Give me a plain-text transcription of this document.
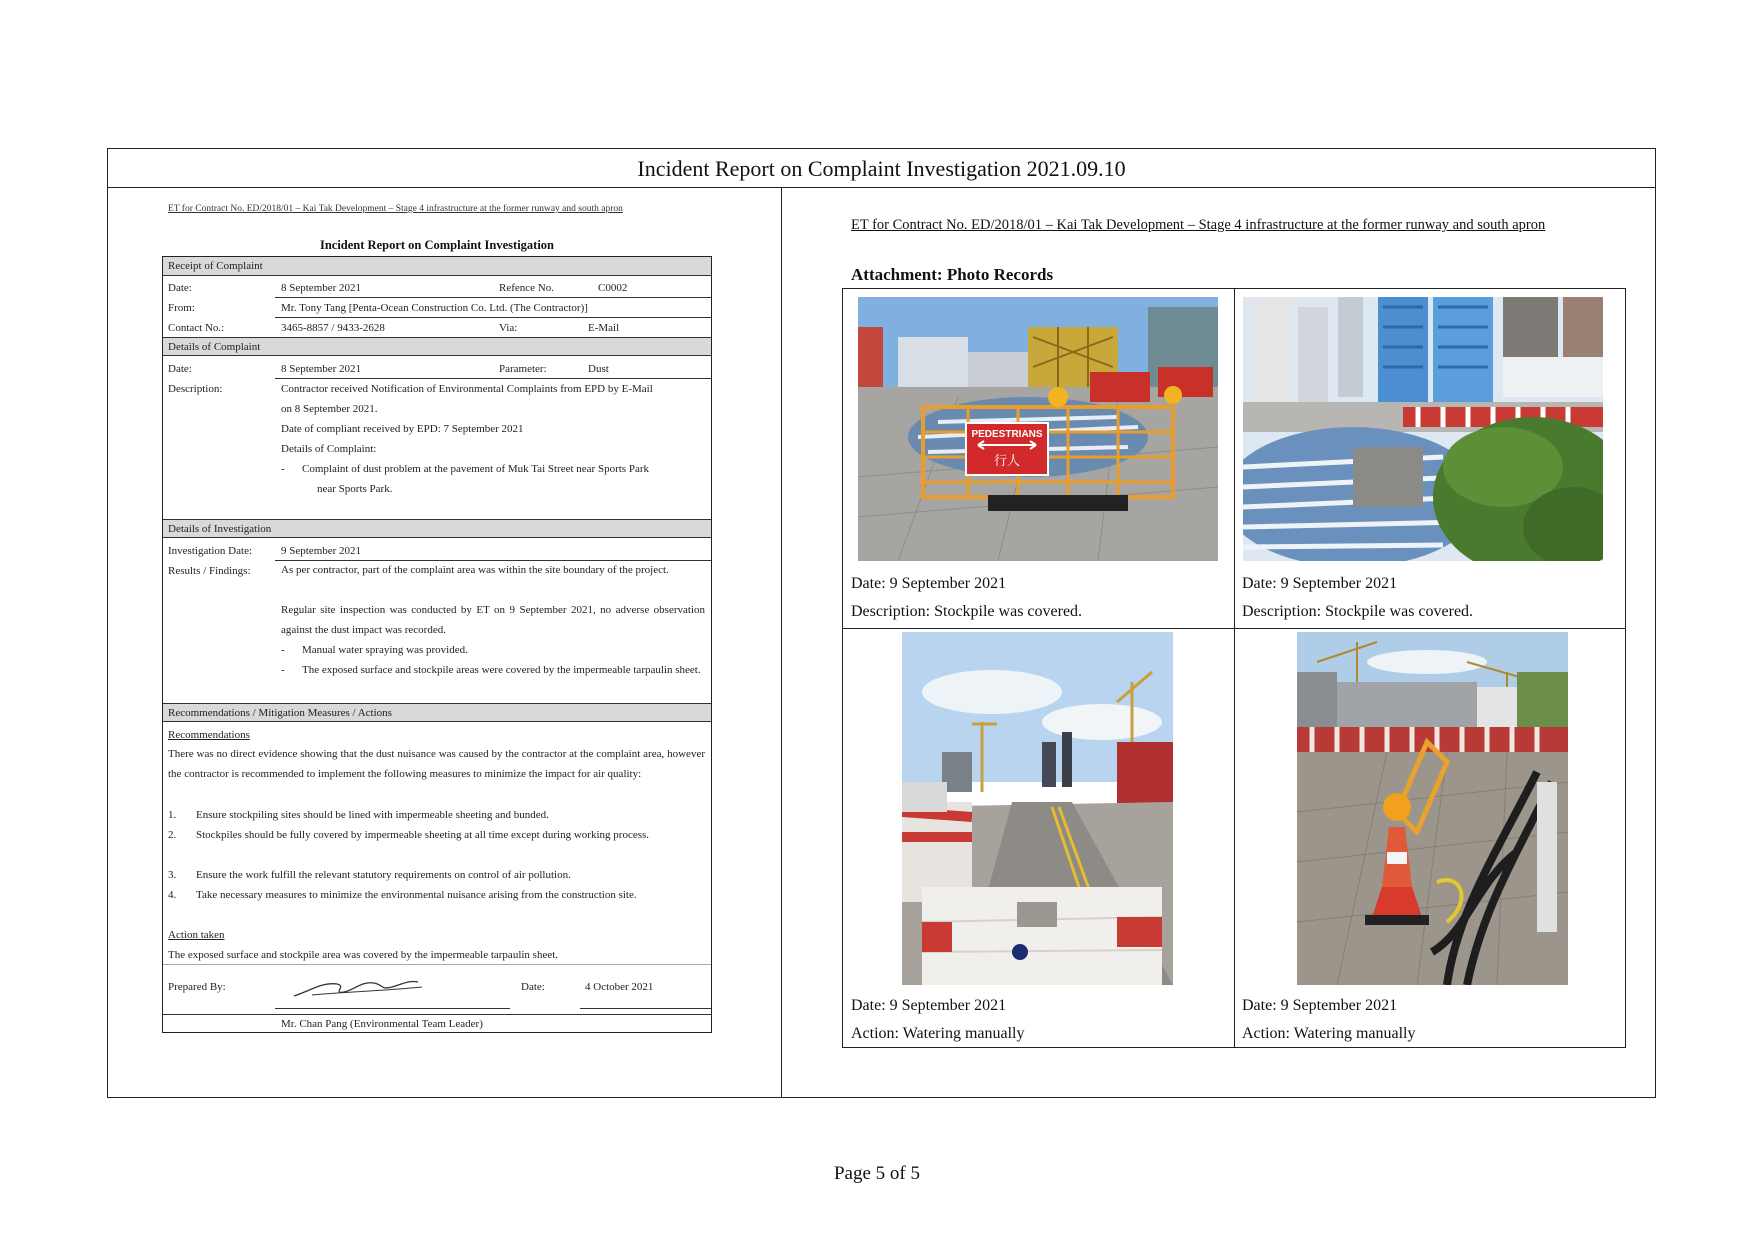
Incident Report on Complaint Investigation 2021.09.10
ET for Contract No. ED/2018/01 – Kai Tak Development – Stage 4 infrastructure at the former runway and south apron
Incident Report on Complaint Investigation
Receipt of Complaint
Date:	8 September 2021	Refence No.	C0002
From:	Mr. Tony Tang [Penta-Ocean Construction Co. Ltd. (The Contractor)]
Contact No.:	3465-8857 / 9433-2628	Via:	E-Mail
Details of Complaint
Date:	8 September 2021	Parameter:	Dust
Description:	Contractor received Notification of Environmental Complaints from EPD by E-Mail
on 8 September 2021.
Date of compliant received by EPD: 7 September 2021
Details of Complaint:
- Complaint of dust problem at the pavement of Muk Tai Street near Sports Park
near Sports Park.
Details of Investigation
Investigation Date:	9 September 2021
Results / Findings:	As per contractor, part of the complaint area was within the site boundary of the project.
Regular site inspection was conducted by ET on 9 September 2021, no adverse observation against the dust impact was recorded.
- Manual water spraying was provided.
- The exposed surface and stockpile areas were covered by the impermeable tarpaulin sheet.
Recommendations / Mitigation Measures / Actions
Recommendations
There was no direct evidence showing that the dust nuisance was caused by the contractor at the complaint area, however the contractor is recommended to implement the following measures to minimize the impact for air quality:
1. Ensure stockpiling sites should be lined with impermeable sheeting and bunded.
2. Stockpiles should be fully covered by impermeable sheeting at all time except during working process.
3. Ensure the work fulfill the relevant statutory requirements on control of air pollution.
4. Take necessary measures to minimize the environmental nuisance arising from the construction site.
Action taken
The exposed surface and stockpile area was covered by the impermeable tarpaulin sheet.
Prepared By:	Date:	4 October 2021
Mr. Chan Pang (Environmental Team Leader)
ET for Contract No. ED/2018/01 – Kai Tak Development – Stage 4 infrastructure at the former runway and south apron
Attachment: Photo Records
PEDESTRIANS
行人
Date: 9 September 2021
Description: Stockpile was covered.
Date: 9 September 2021
Description: Stockpile was covered.
Date: 9 September 2021
Action: Watering manually
Date: 9 September 2021
Action: Watering manually
Page 5 of 5
